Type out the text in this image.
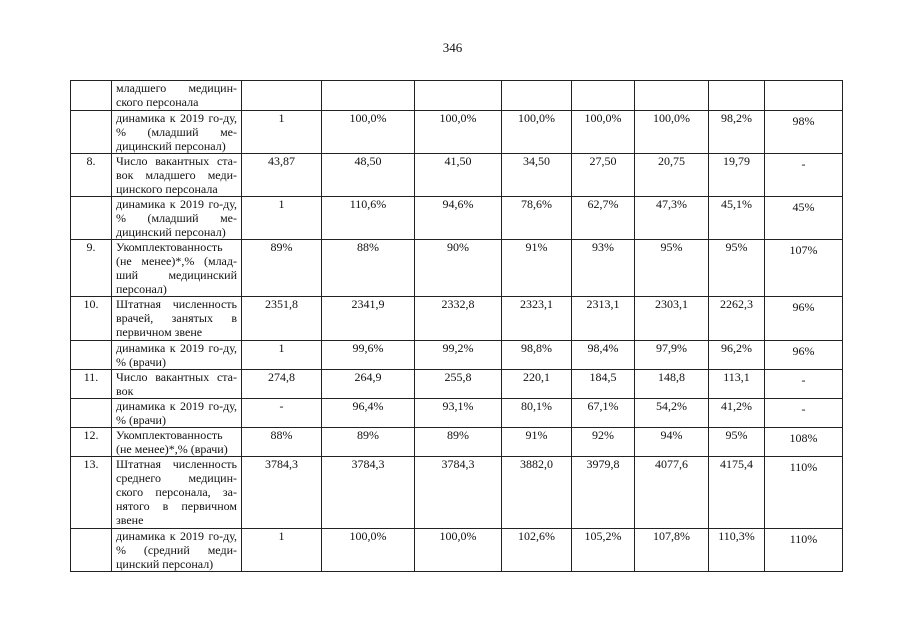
346
	младшего медицин-ского персонала								
	динамика к 2019 го-ду, % (младший ме-дицинский персонал)	1	100,0%	100,0%	100,0%	100,0%	100,0%	98,2%	98%
8.	Число вакантных ста-вок младшего меди-цинского персонала	43,87	48,50	41,50	34,50	27,50	20,75	19,79	-
	динамика к 2019 го-ду, % (младший ме-дицинский персонал)	1	110,6%	94,6%	78,6%	62,7%	47,3%	45,1%	45%
9.	Укомплектованность (не менее)*,% (млад-ший медицинский персонал)	89%	88%	90%	91%	93%	95%	95%	107%
10.	Штатная численность врачей, занятых в первичном звене	2351,8	2341,9	2332,8	2323,1	2313,1	2303,1	2262,3	96%
	динамика к 2019 го-ду, % (врачи)	1	99,6%	99,2%	98,8%	98,4%	97,9%	96,2%	96%
11.	Число вакантных ста-вок	274,8	264,9	255,8	220,1	184,5	148,8	113,1	-
	динамика к 2019 го-ду, % (врачи)	-	96,4%	93,1%	80,1%	67,1%	54,2%	41,2%	-
12.	Укомплектованность (не менее)*,% (врачи)	88%	89%	89%	91%	92%	94%	95%	108%
13.	Штатная численность среднего медицин-ского персонала, за-нятого в первичном звене	3784,3	3784,3	3784,3	3882,0	3979,8	4077,6	4175,4	110%
	динамика к 2019 го-ду, % (средний меди-цинский персонал)	1	100,0%	100,0%	102,6%	105,2%	107,8%	110,3%	110%
